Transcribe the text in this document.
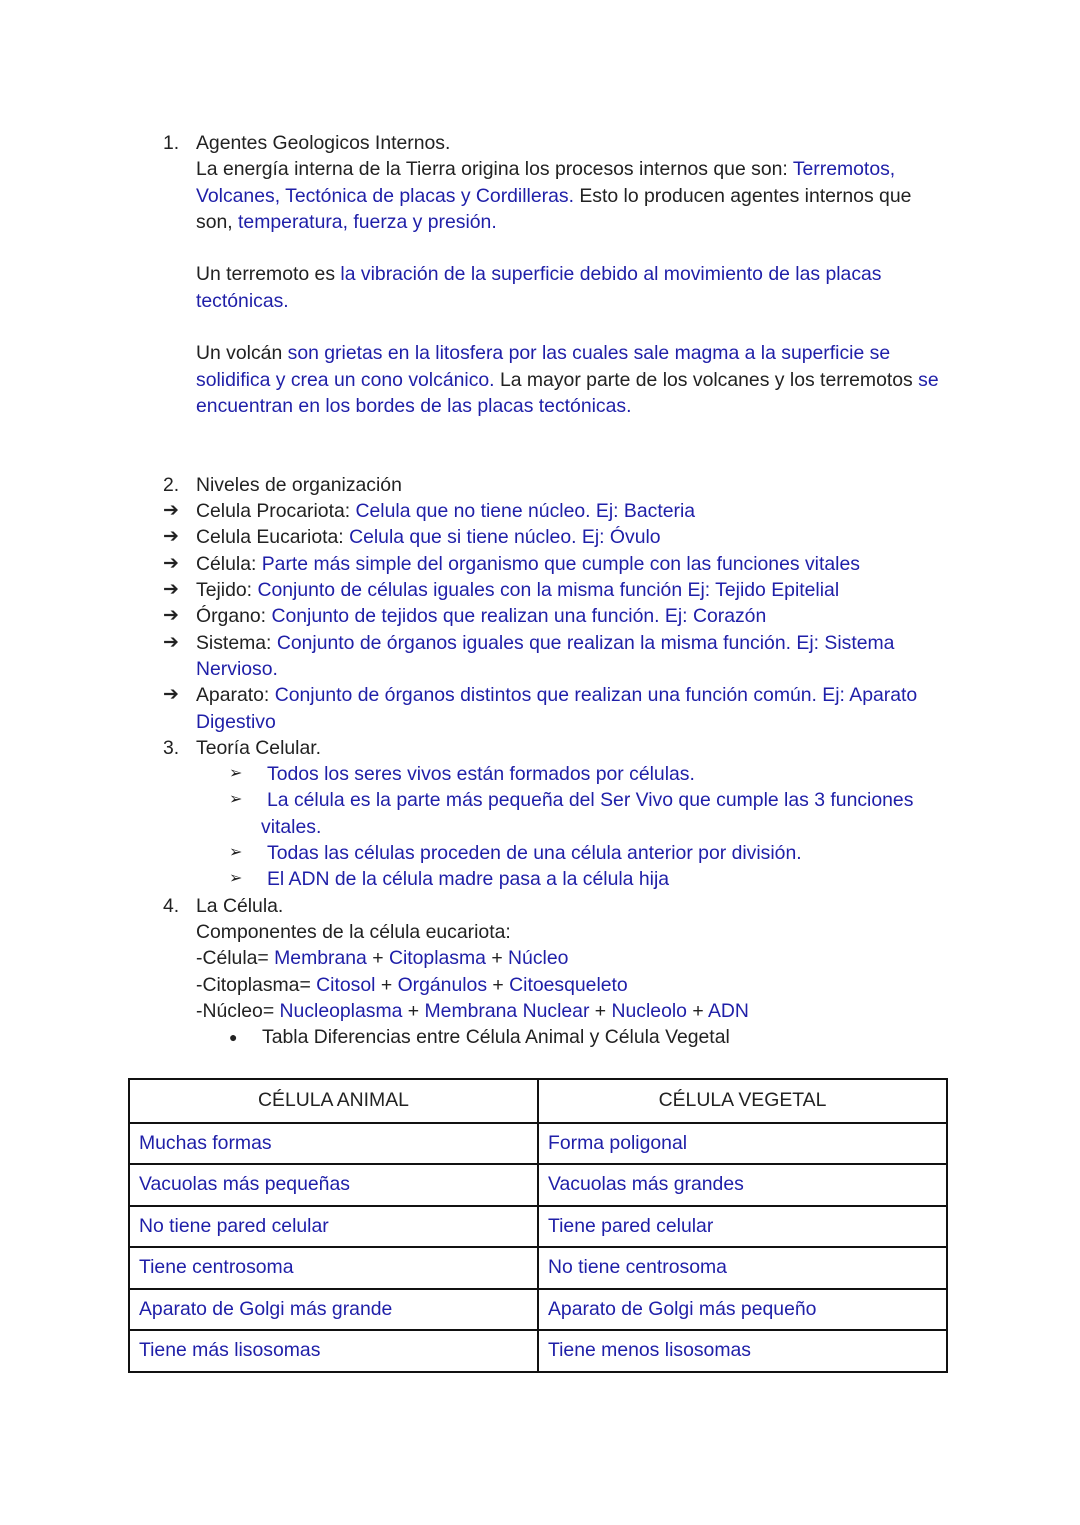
1. Agentes Geologicos Internos.
La energía interna de la Tierra origina los procesos internos que son: Terremotos, Volcanes, Tectónica de placas y Cordilleras. Esto lo producen agentes internos que son, temperatura, fuerza y presión.
Un terremoto es la vibración de la superficie debido al movimiento de las placas tectónicas.
Un volcán son grietas en la litosfera por las cuales sale magma a la superficie se solidifica y crea un cono volcánico. La mayor parte de los volcanes y los terremotos se encuentran en los bordes de las placas tectónicas.
2. Niveles de organización
➔ Celula Procariota: Celula que no tiene núcleo. Ej: Bacteria
➔ Celula Eucariota: Celula que si tiene núcleo. Ej: Óvulo
➔ Célula: Parte más simple del organismo que cumple con las funciones vitales
➔ Tejido: Conjunto de células iguales con la misma función Ej: Tejido Epitelial
➔ Órgano: Conjunto de tejidos que realizan una función. Ej: Corazón
➔ Sistema: Conjunto de órganos iguales que realizan la misma función. Ej: Sistema Nervioso.
➔ Aparato: Conjunto de órganos distintos que realizan una función común. Ej: Aparato Digestivo
3. Teoría Celular.
➢ Todos los seres vivos están formados por células.
➢ La célula es la parte más pequeña del Ser Vivo que cumple las 3 funciones vitales.
➢ Todas las células proceden de una célula anterior por división.
➢ El ADN de la célula madre pasa a la célula hija
4. La Célula.
Componentes de la célula eucariota:
-Célula= Membrana + Citoplasma + Núcleo
-Citoplasma= Citosol + Orgánulos + Citoesqueleto
-Núcleo= Nucleoplasma + Membrana Nuclear + Nucleolo + ADN
● Tabla Diferencias entre Célula Animal y Célula Vegetal
CÉLULA ANIMAL	CÉLULA VEGETAL
Muchas formas	Forma poligonal
Vacuolas más pequeñas	Vacuolas más grandes
No tiene pared celular	Tiene pared celular
Tiene centrosoma	No tiene centrosoma
Aparato de Golgi más grande	Aparato de Golgi más pequeño
Tiene más lisosomas	Tiene menos lisosomas
